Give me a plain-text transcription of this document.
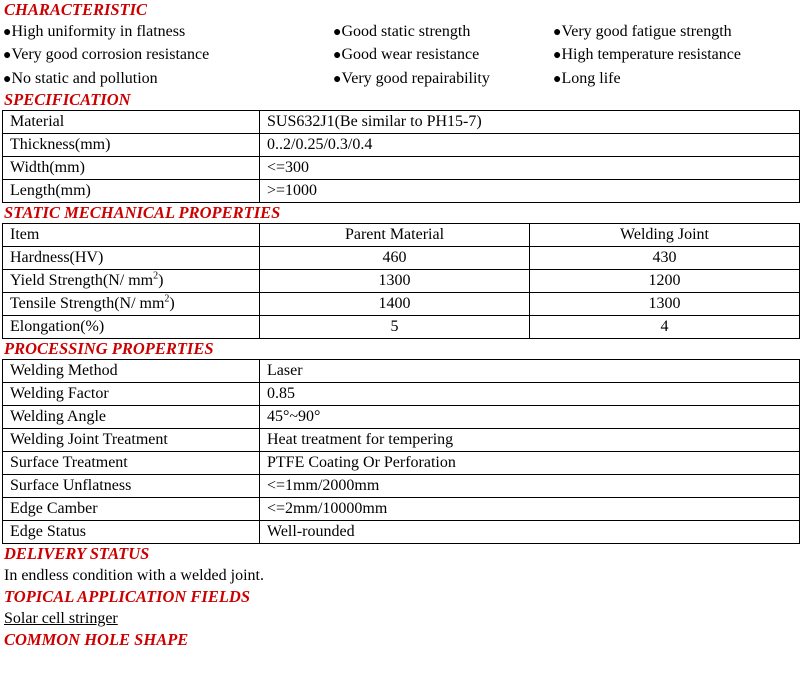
CHARACTERISTIC
●High uniformity in flatness	●Good static strength	●Very good fatigue strength
●Very good corrosion resistance	●Good wear resistance	●High temperature resistance
●No static and pollution	●Very good repairability	●Long life
SPECIFICATION
Material	SUS632J1(Be similar to PH15-7)
Thickness(mm)	0..2/0.25/0.3/0.4
Width(mm)	<=300
Length(mm)	>=1000
STATIC MECHANICAL PROPERTIES
Item	Parent Material	Welding Joint
Hardness(HV)	460	430
Yield Strength(N/ $mm^2$)	1300	1200
Tensile Strength(N/ $mm^2$)	1400	1300
Elongation(%)	5	4
PROCESSING PROPERTIES
Welding Method	Laser
Welding Factor	0.85
Welding Angle	45°~90°
Welding Joint Treatment	Heat treatment for tempering
Surface Treatment	PTFE Coating Or Perforation
Surface Unflatness	<=1mm/2000mm
Edge Camber	<=2mm/10000mm
Edge Status	Well-rounded
DELIVERY STATUS
In endless condition with a welded joint.
TOPICAL APPLICATION FIELDS
Solar cell stringer
COMMON HOLE SHAPE
